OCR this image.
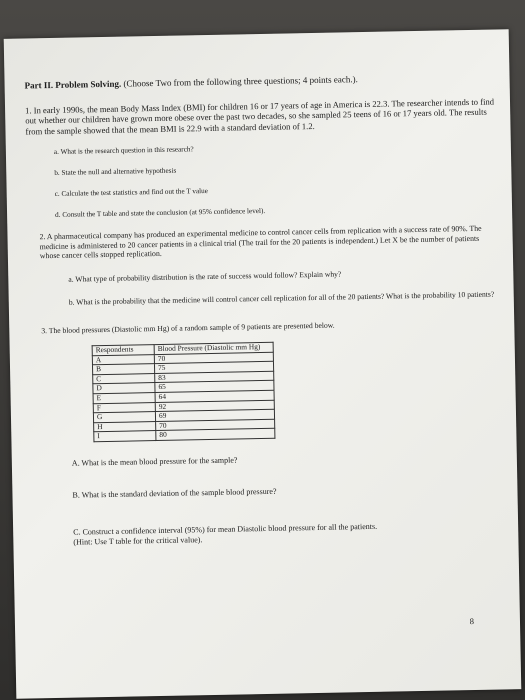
Part II. Problem Solving. (Choose Two from the following three questions; 4 points each.).
1. In early 1990s, the mean Body Mass Index (BMI) for children 16 or 17 years of age in America is 22.3. The researcher intends to find out whether our children have grown more obese over the past two decades, so she sampled 25 teens of 16 or 17 years old. The results from the sample showed that the mean BMI is 22.9 with a standard deviation of 1.2.
a. What is the research question in this research?
b. State the null and alternative hypothesis
c. Calculate the test statistics and find out the T value
d. Consult the T table and state the conclusion (at 95% confidence level).
2. A pharmaceutical company has produced an experimental medicine to control cancer cells from replication with a success rate of 90%. The medicine is administered to 20 cancer patients in a clinical trial (The trail for the 20 patients is independent.) Let X be the number of patients whose cancer cells stopped replication.
a. What type of probability distribution is the rate of success would follow? Explain why?
b. What is the probability that the medicine will control cancer cell replication for all of the 20 patients? What is the probability 10 patients?
3. The blood pressures (Diastolic mm Hg) of a random sample of 9 patients are presented below.
Respondents	Blood Pressure (Diastolic mm Hg)
A	70
B	75
C	83
D	65
E	64
F	92
G	69
H	70
I	80
A. What is the mean blood pressure for the sample?
B. What is the standard deviation of the sample blood pressure?
C. Construct a confidence interval (95%) for mean Diastolic blood pressure for all the patients.
(Hint: Use T table for the critical value).
8
